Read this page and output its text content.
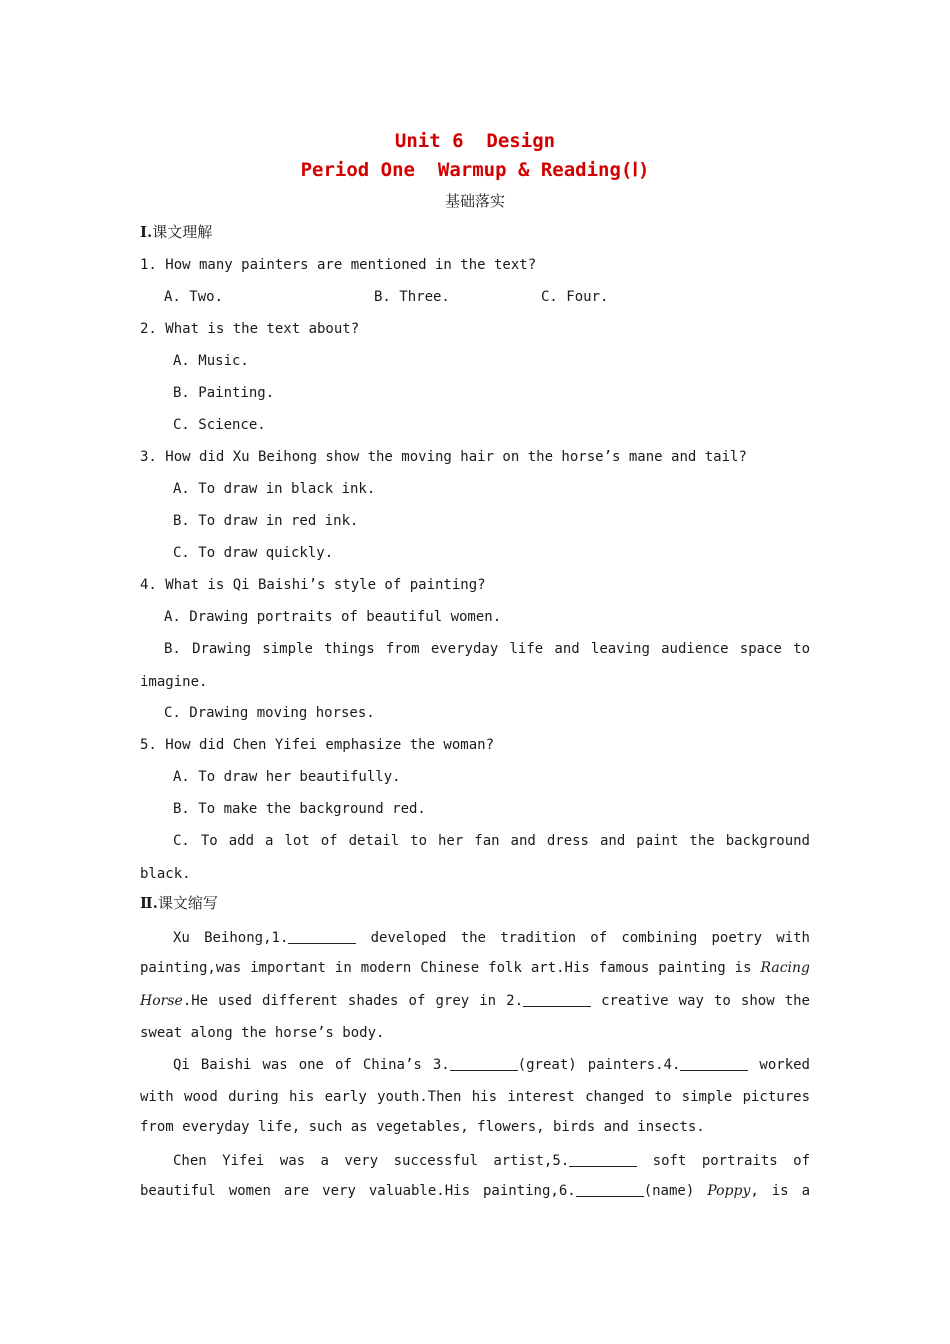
Unit 6  Design
Period One  Warmup & Reading(Ⅰ)
基础落实
Ⅰ.课文理解
1. How many painters are mentioned in the text?
A. Two.	B. Three.	C. Four.
2. What is the text about?
A. Music.
B. Painting.
C. Science.
3. How did Xu Beihong show the moving hair on the horse’s mane and tail?
A. To draw in black ink.
B. To draw in red ink.
C. To draw quickly.
4. What is Qi Baishi’s style of painting?
A. Drawing portraits of beautiful women.
B. Drawing simple things from everyday life and leaving audience space to
imagine.
C. Drawing moving horses.
5. How did Chen Yifei emphasize the woman?
A. To draw her beautifully.
B. To make the background red.
C. To add a lot of detail to her fan and dress and paint the background
black.
Ⅱ.课文缩写
Xu Beihong,1.	developed the tradition of combining poetry with
painting,was important in modern Chinese folk art.His famous painting is Racing
Horse.He used different shades of grey in 2.	creative way to show the
sweat along the horse’s body.
Qi Baishi was one of China’s 3.	(great) painters.4.	worked
with wood during his early youth.Then his interest changed to simple pictures
from everyday life, such as vegetables, flowers, birds and insects.
Chen Yifei was a very successful artist,5.	soft portraits of
beautiful women are very valuable.His painting,6.	(name) Poppy, is a
